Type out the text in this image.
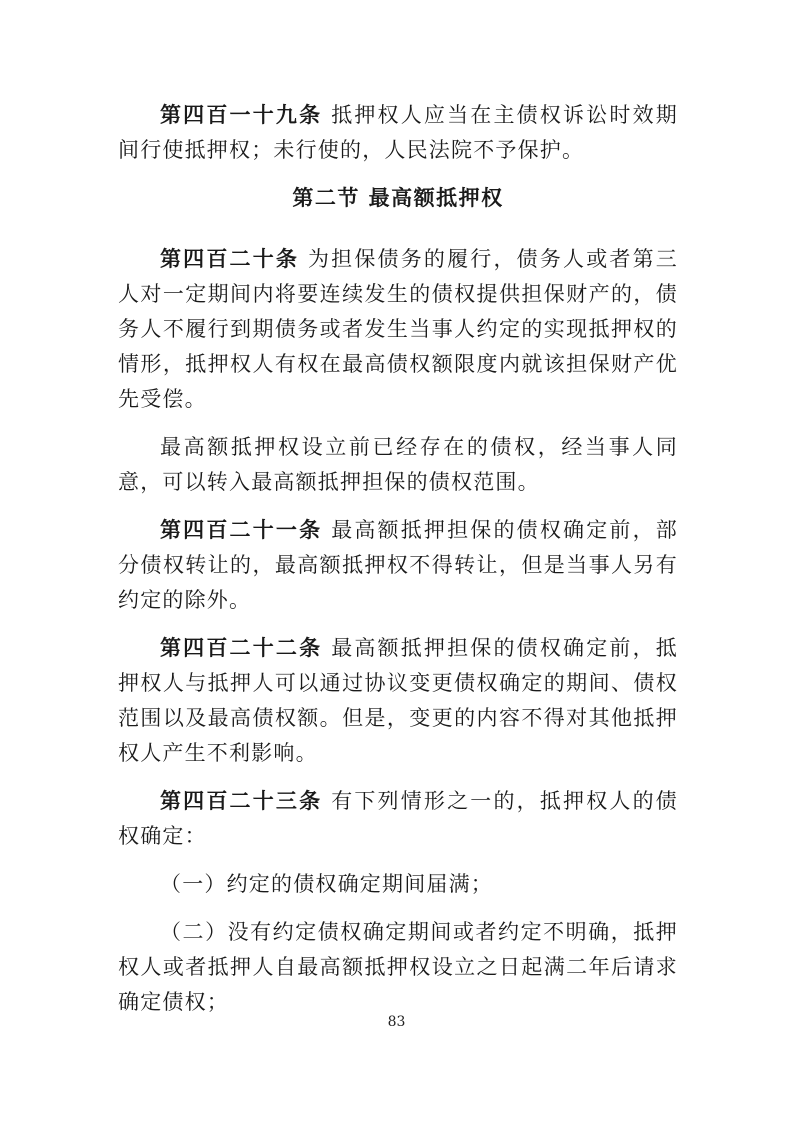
第四百一十九条 抵押权人应当在主债权诉讼时效期间行使抵押权；未行使的，人民法院不予保护。

第二节 最高额抵押权

第四百二十条 为担保债务的履行，债务人或者第三人对一定期间内将要连续发生的债权提供担保财产的，债务人不履行到期债务或者发生当事人约定的实现抵押权的情形，抵押权人有权在最高债权额限度内就该担保财产优先受偿。

最高额抵押权设立前已经存在的债权，经当事人同意，可以转入最高额抵押担保的债权范围。

第四百二十一条 最高额抵押担保的债权确定前，部分债权转让的，最高额抵押权不得转让，但是当事人另有约定的除外。

第四百二十二条 最高额抵押担保的债权确定前，抵押权人与抵押人可以通过协议变更债权确定的期间、债权范围以及最高债权额。但是，变更的内容不得对其他抵押权人产生不利影响。

第四百二十三条 有下列情形之一的，抵押权人的债权确定：

（一）约定的债权确定期间届满；

（二）没有约定债权确定期间或者约定不明确，抵押权人或者抵押人自最高额抵押权设立之日起满二年后请求确定债权；

83
